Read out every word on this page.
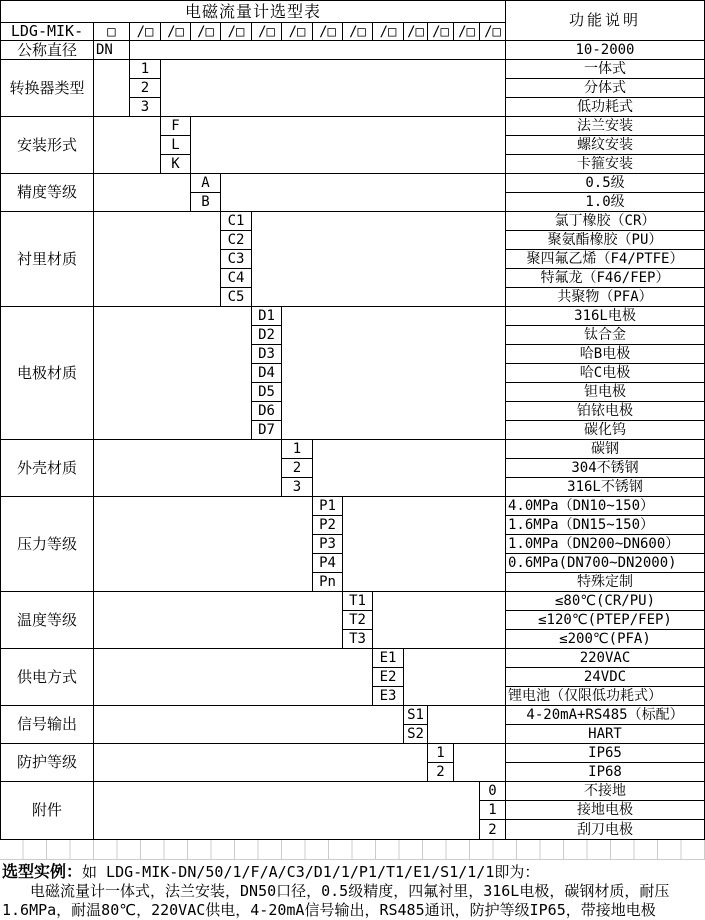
电磁流量计选型表	功能说明
LDG-MIK-	□	/□ /□ /□ /□ /□ /□ /□ /□ /□ /□ /□ /□ /□
公称直径	DN	10-2000
转换器类型
1	一体式
2	分体式
3	低功耗式
安装形式
F	法兰安装
L	螺纹安装
K	卡箍安装
精度等级	A	0.5级
B	1.0级
衬里材质
C1	氯丁橡胶（CR）
C2	聚氨酯橡胶（PU）
C3	聚四氟乙烯（F4/PTFE）
C4	特氟龙（F46/FEP）
C5	共聚物（PFA）
电极材质
D1	316L电极
D2	钛合金
D3	哈B电极
D4	哈C电极
D5	钽电极
D6	铂铱电极
D7	碳化钨
外壳材质
1	碳钢
2	304不锈钢
3	316L不锈钢
压力等级
P1	4.0MPa（DN10~150）
P2	1.6MPa（DN15~150）
P3	1.0MPa（DN200~DN600）
P4	0.6MPa(DN700~DN2000)
Pn	特殊定制
温度等级
T1	≤80℃(CR/PU)
T2	≤120℃(PTEP/FEP)
T3	≤200℃(PFA)
供电方式
E1	220VAC
E2	24VDC
E3	锂电池（仅限低功耗式）
信号输出	S1	4-20mA+RS485（标配）
S2	HART
防护等级	1	IP65
2	IP68
附件
0	不接地
1	接地电极
2	刮刀电极
选型实例：如 LDG-MIK-DN/50/1/F/A/C3/D1/1/P1/T1/E1/S1/1/1即为：
电磁流量计一体式，法兰安装，DN50口径，0.5级精度，四氟衬里，316L电极，碳钢材质，耐压
1.6MPa，耐温80℃，220VAC供电，4-20mA信号输出，RS485通讯，防护等级IP65，带接地电极
